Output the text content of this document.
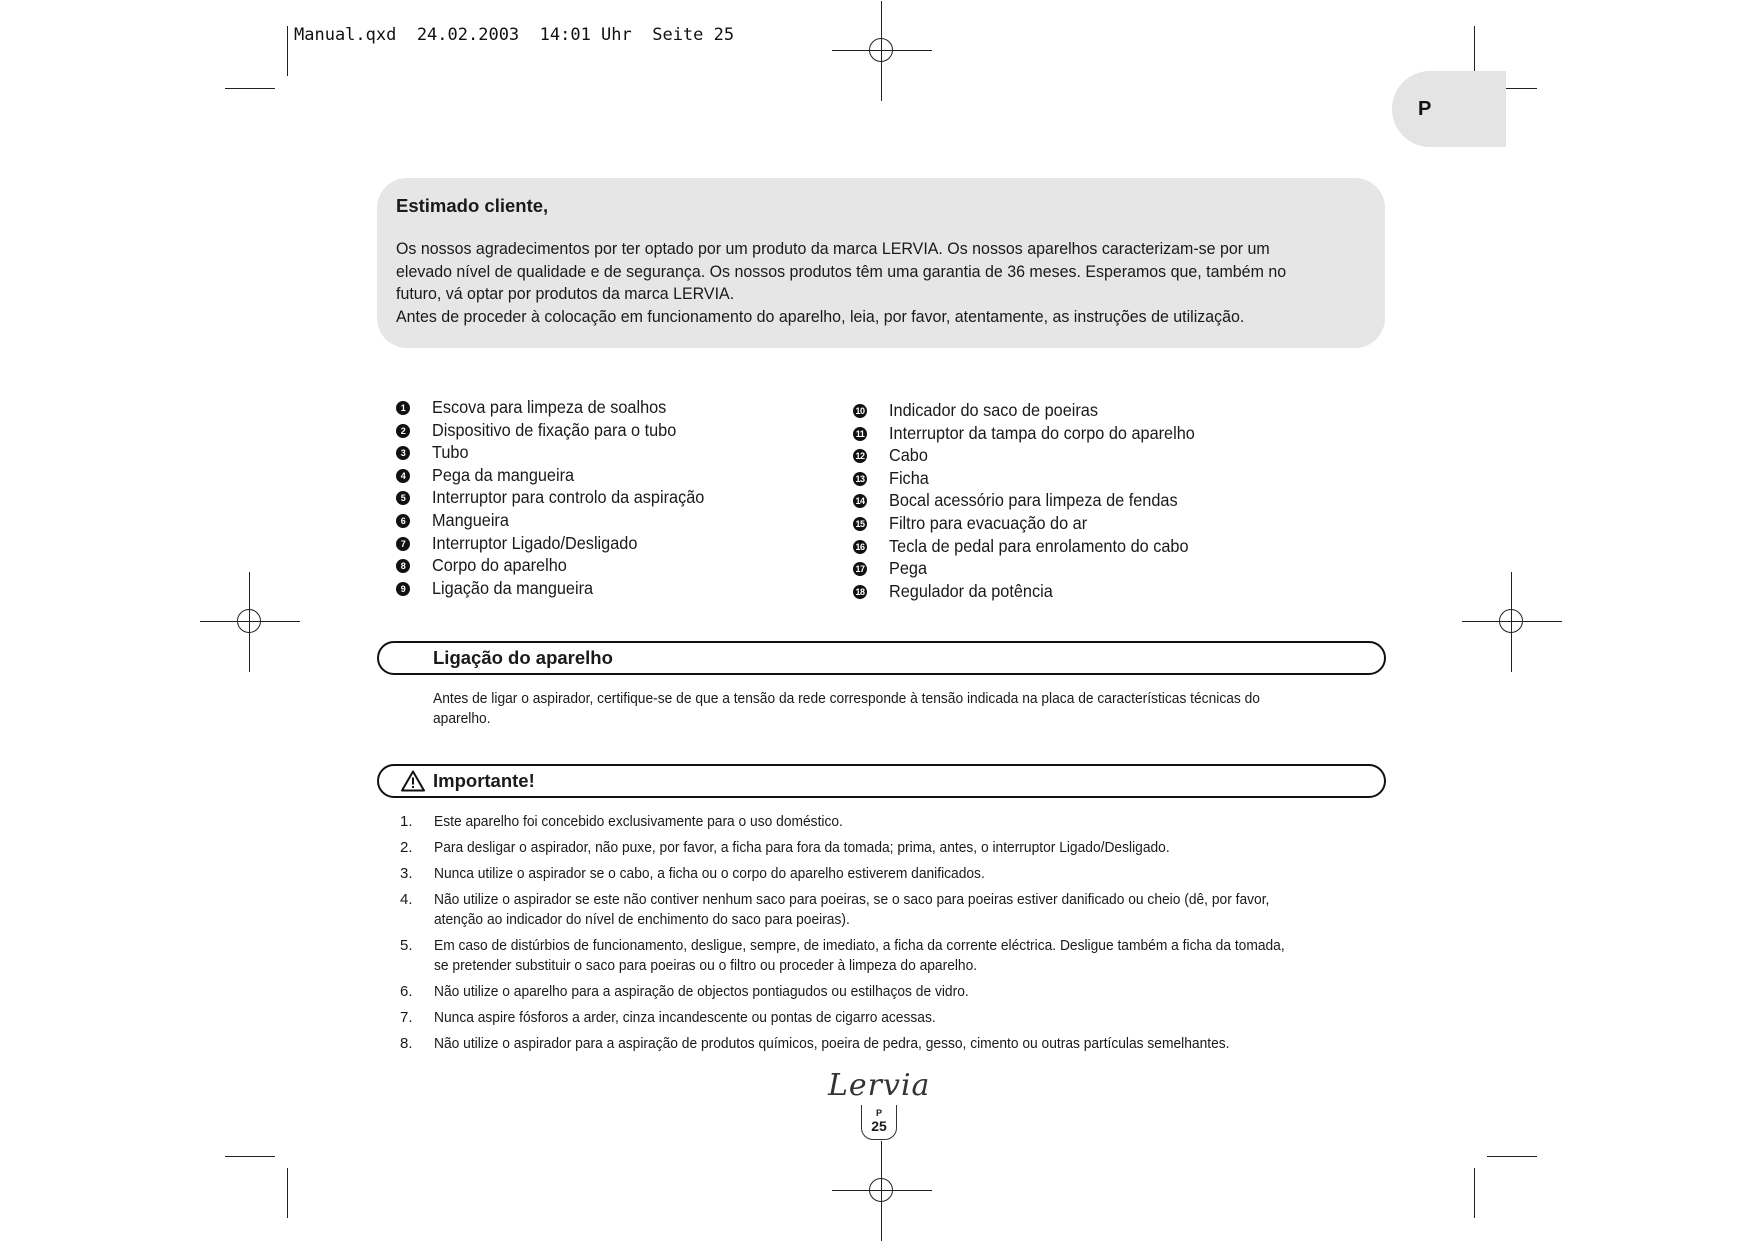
Manual.qxd  24.02.2003  14:01 Uhr  Seite 25
P
Estimado cliente,
Os nossos agradecimentos por ter optado por um produto da marca LERVIA. Os nossos aparelhos caracterizam-se por um elevado nível de qualidade e de segurança. Os nossos produtos têm uma garantia de 36 meses. Esperamos que, também no futuro, vá optar por produtos da marca LERVIA.
Antes de proceder à colocação em funcionamento do aparelho, leia, por favor, atentamente, as instruções de utilização.
1 Escova para limpeza de soalhos
2 Dispositivo de fixação para o tubo
3 Tubo
4 Pega da mangueira
5 Interruptor para controlo da aspiração
6 Mangueira
7 Interruptor Ligado/Desligado
8 Corpo do aparelho
9 Ligação da mangueira
10 Indicador do saco de poeiras
11 Interruptor da tampa do corpo do aparelho
12 Cabo
13 Ficha
14 Bocal acessório para limpeza de fendas
15 Filtro para evacuação do ar
16 Tecla de pedal para enrolamento do cabo
17 Pega
18 Regulador da potência
Ligação do aparelho
Antes de ligar o aspirador, certifique-se de que a tensão da rede corresponde à tensão indicada na placa de características técnicas do aparelho.
Importante!
1. Este aparelho foi concebido exclusivamente para o uso doméstico.
2. Para desligar o aspirador, não puxe, por favor, a ficha para fora da tomada; prima, antes, o interruptor Ligado/Desligado.
3. Nunca utilize o aspirador se o cabo, a ficha ou o corpo do aparelho estiverem danificados.
4. Não utilize o aspirador se este não contiver nenhum saco para poeiras, se o saco para poeiras estiver danificado ou cheio (dê, por favor, atenção ao indicador do nível de enchimento do saco para poeiras).
5. Em caso de distúrbios de funcionamento, desligue, sempre, de imediato, a ficha da corrente eléctrica. Desligue também a ficha da tomada, se pretender substituir o saco para poeiras ou o filtro ou proceder à limpeza do aparelho.
6. Não utilize o aparelho para a aspiração de objectos pontiagudos ou estilhaços de vidro.
7. Nunca aspire fósforos a arder, cinza incandescente ou pontas de cigarro acessas.
8. Não utilize o aspirador para a aspiração de produtos químicos, poeira de pedra, gesso, cimento ou outras partículas semelhantes.
Lervia
P
25
